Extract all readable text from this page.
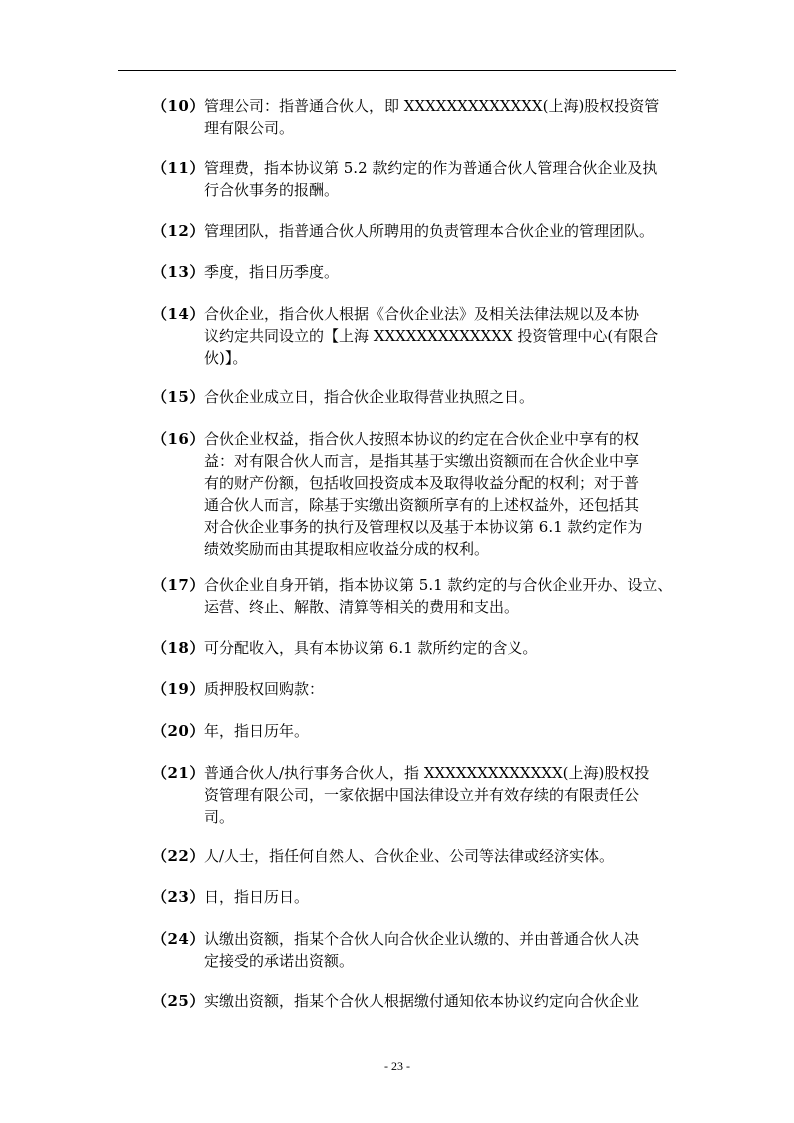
（10） 管理公司：指普通合伙人，即 XXXXXXXXXXXXX(上海)股权投资管
理有限公司。
（11） 管理费，指本协议第 5.2 款约定的作为普通合伙人管理合伙企业及执
行合伙事务的报酬。
（12） 管理团队，指普通合伙人所聘用的负责管理本合伙企业的管理团队。
（13） 季度，指日历季度。
（14） 合伙企业，指合伙人根据《合伙企业法》及相关法律法规以及本协
议约定共同设立的【上海 XXXXXXXXXXXXX 投资管理中心(有限合
伙)】。
（15） 合伙企业成立日，指合伙企业取得营业执照之日。
（16） 合伙企业权益，指合伙人按照本协议的约定在合伙企业中享有的权
益：对有限合伙人而言，是指其基于实缴出资额而在合伙企业中享
有的财产份额，包括收回投资成本及取得收益分配的权利；对于普
通合伙人而言，除基于实缴出资额所享有的上述权益外，还包括其
对合伙企业事务的执行及管理权以及基于本协议第 6.1 款约定作为
绩效奖励而由其提取相应收益分成的权利。
（17） 合伙企业自身开销，指本协议第 5.1 款约定的与合伙企业开办、设立、
运营、终止、解散、清算等相关的费用和支出。
（18） 可分配收入，具有本协议第 6.1 款所约定的含义。
（19） 质押股权回购款：
（20） 年，指日历年。
（21） 普通合伙人/执行事务合伙人，指 XXXXXXXXXXXXX(上海)股权投
资管理有限公司，一家依据中国法律设立并有效存续的有限责任公
司。
（22） 人/人士，指任何自然人、合伙企业、公司等法律或经济实体。
（23） 日，指日历日。
（24） 认缴出资额，指某个合伙人向合伙企业认缴的、并由普通合伙人决
定接受的承诺出资额。
（25） 实缴出资额，指某个合伙人根据缴付通知依本协议约定向合伙企业
- 23 -
